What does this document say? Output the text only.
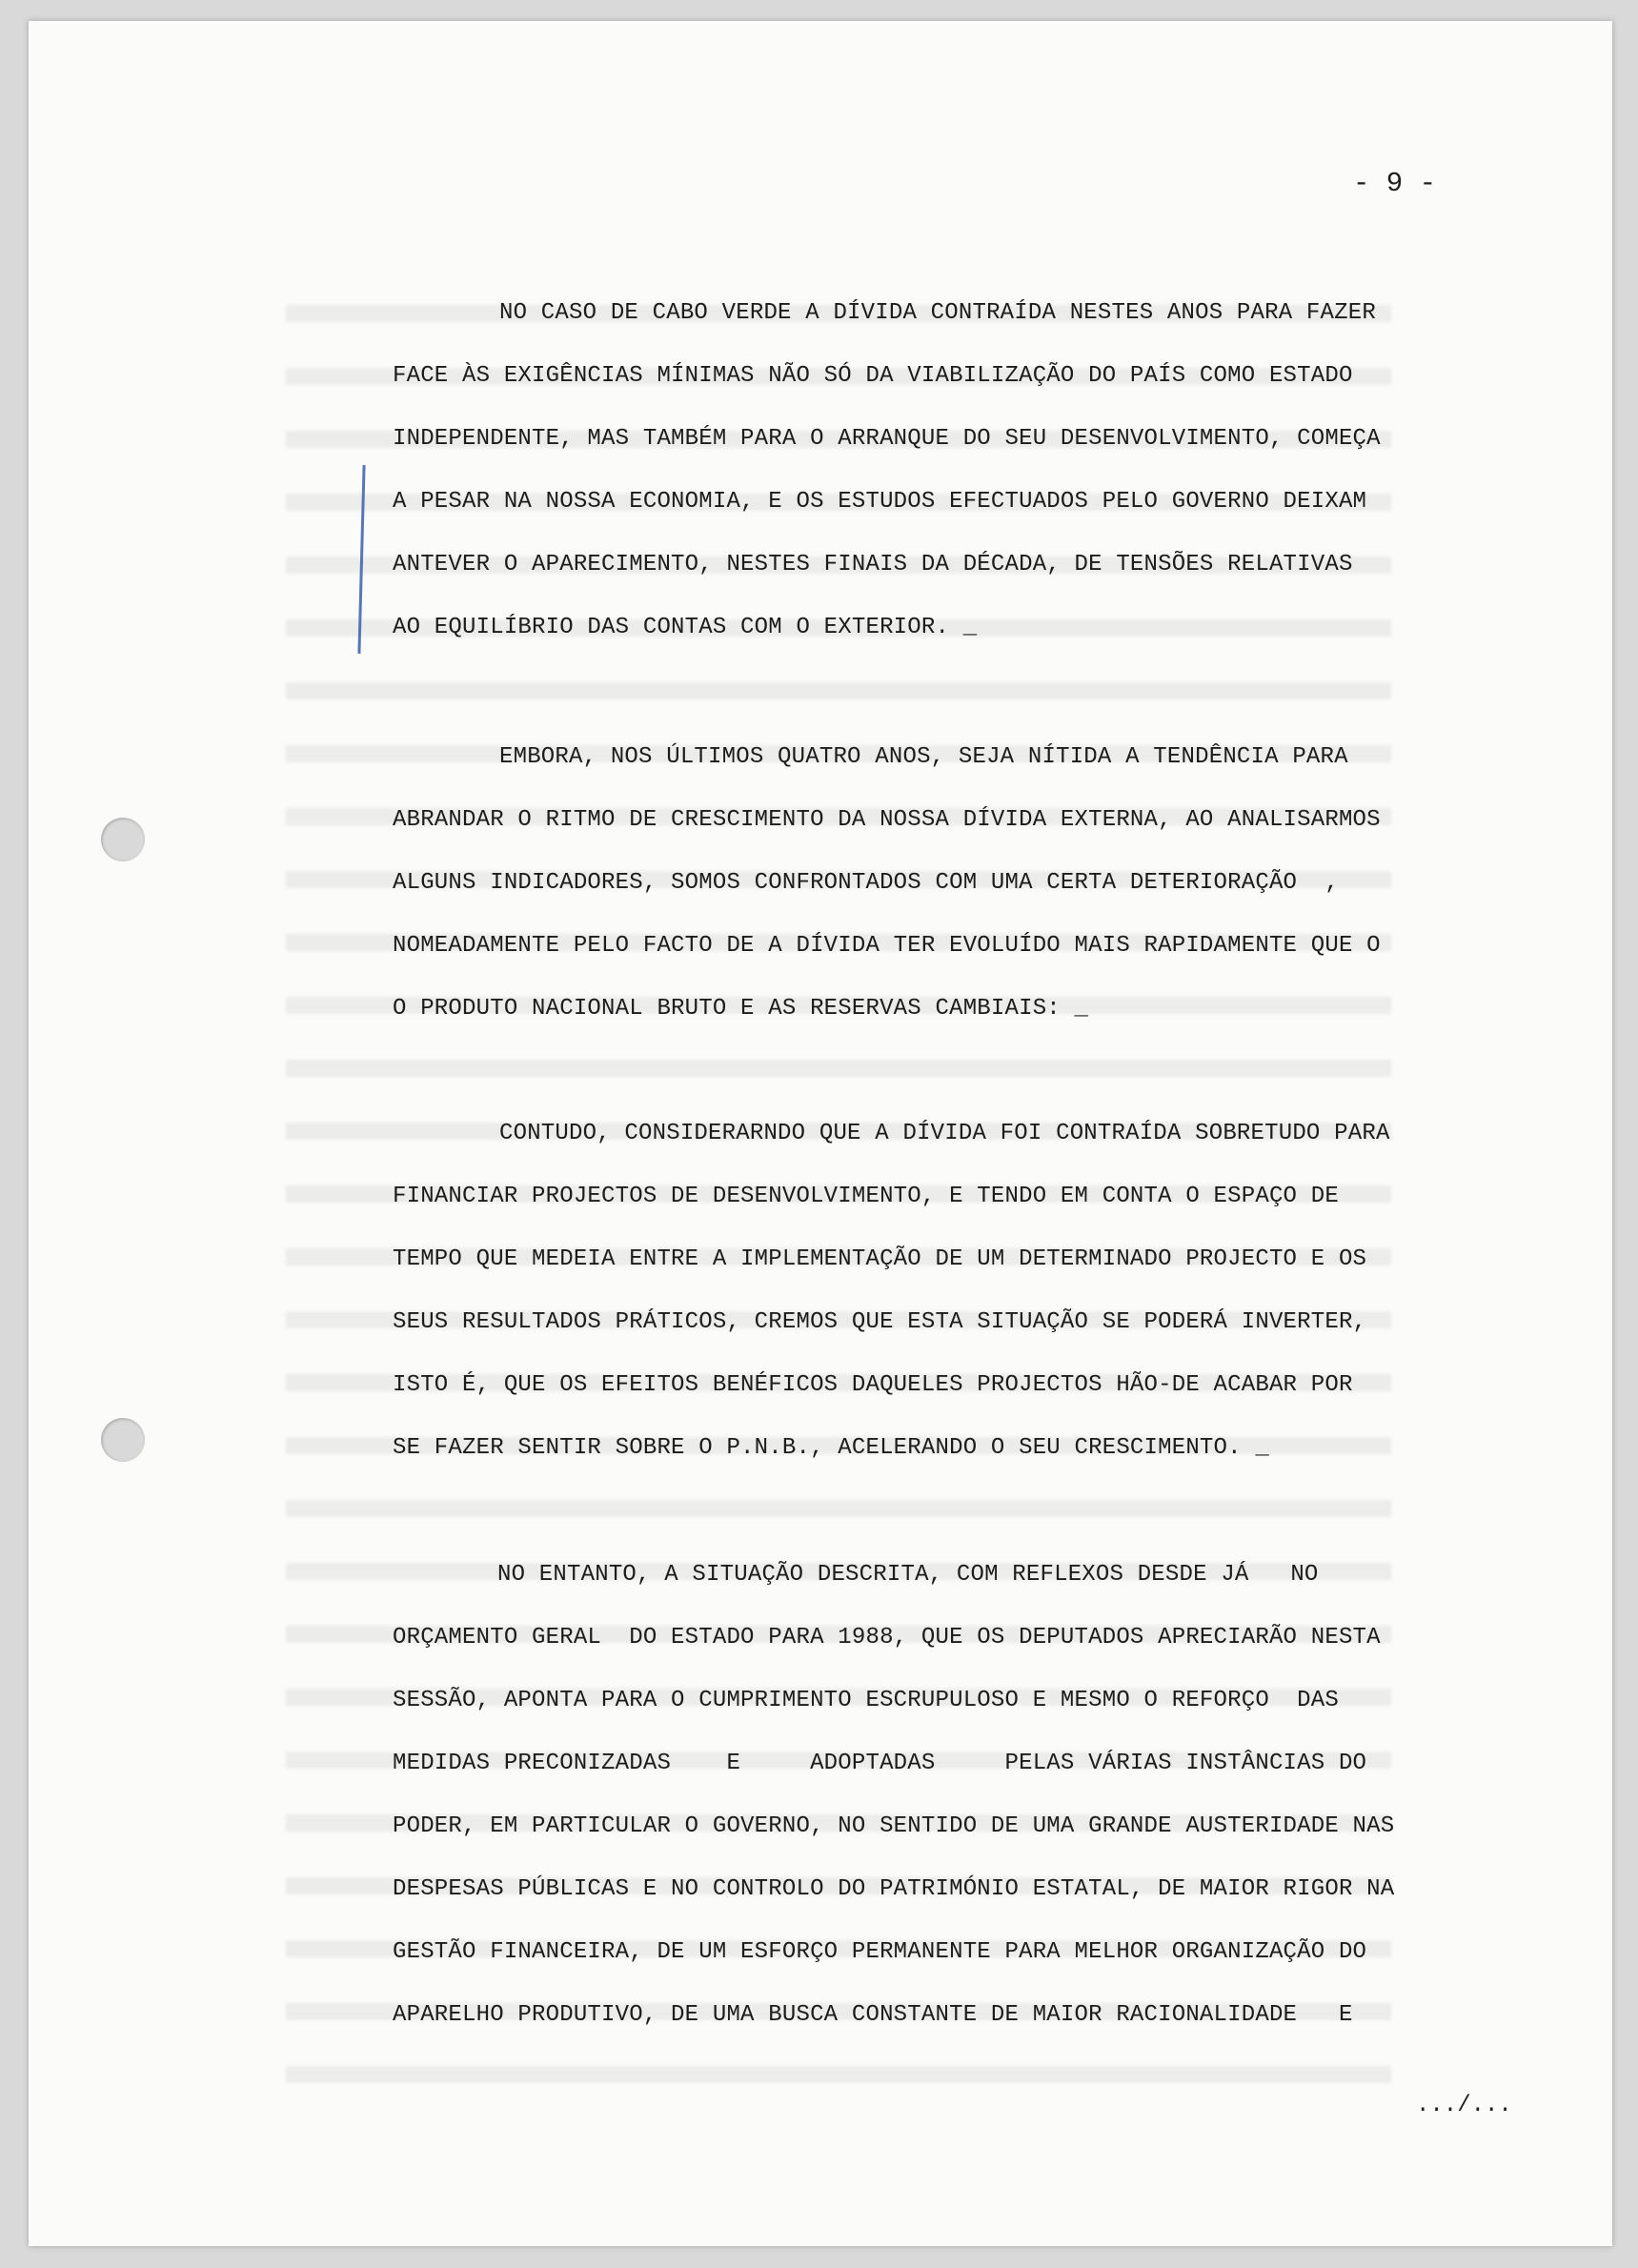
- 9 -
NO CASO DE CABO VERDE A DÍVIDA CONTRAÍDA NESTES ANOS PARA FAZER
FACE ÀS EXIGÊNCIAS MÍNIMAS NÃO SÓ DA VIABILIZAÇÃO DO PAÍS COMO ESTADO
INDEPENDENTE, MAS TAMBÉM PARA O ARRANQUE DO SEU DESENVOLVIMENTO, COMEÇA
A PESAR NA NOSSA ECONOMIA, E OS ESTUDOS EFECTUADOS PELO GOVERNO DEIXAM
ANTEVER O APARECIMENTO, NESTES FINAIS DA DÉCADA, DE TENSÕES RELATIVAS
AO EQUILÍBRIO DAS CONTAS COM O EXTERIOR. _
EMBORA, NOS ÚLTIMOS QUATRO ANOS, SEJA NÍTIDA A TENDÊNCIA PARA
ABRANDAR O RITMO DE CRESCIMENTO DA NOSSA DÍVIDA EXTERNA, AO ANALISARMOS
ALGUNS INDICADORES, SOMOS CONFRONTADOS COM UMA CERTA DETERIORAÇÃO  ,
NOMEADAMENTE PELO FACTO DE A DÍVIDA TER EVOLUÍDO MAIS RAPIDAMENTE QUE O
O PRODUTO NACIONAL BRUTO E AS RESERVAS CAMBIAIS: _
CONTUDO, CONSIDERARNDO QUE A DÍVIDA FOI CONTRAÍDA SOBRETUDO PARA
FINANCIAR PROJECTOS DE DESENVOLVIMENTO, E TENDO EM CONTA O ESPAÇO DE
TEMPO QUE MEDEIA ENTRE A IMPLEMENTAÇÃO DE UM DETERMINADO PROJECTO E OS
SEUS RESULTADOS PRÁTICOS, CREMOS QUE ESTA SITUAÇÃO SE PODERÁ INVERTER,
ISTO É, QUE OS EFEITOS BENÉFICOS DAQUELES PROJECTOS HÃO-DE ACABAR POR
SE FAZER SENTIR SOBRE O P.N.B., ACELERANDO O SEU CRESCIMENTO. _
NO ENTANTO, A SITUAÇÃO DESCRITA, COM REFLEXOS DESDE JÁ   NO
ORÇAMENTO GERAL  DO ESTADO PARA 1988, QUE OS DEPUTADOS APRECIARÃO NESTA
SESSÃO, APONTA PARA O CUMPRIMENTO ESCRUPULOSO E MESMO O REFORÇO  DAS
MEDIDAS PRECONIZADAS    E     ADOPTADAS     PELAS VÁRIAS INSTÂNCIAS DO
PODER, EM PARTICULAR O GOVERNO, NO SENTIDO DE UMA GRANDE AUSTERIDADE NAS
DESPESAS PÚBLICAS E NO CONTROLO DO PATRIMÓNIO ESTATAL, DE MAIOR RIGOR NA
GESTÃO FINANCEIRA, DE UM ESFORÇO PERMANENTE PARA MELHOR ORGANIZAÇÃO DO
APARELHO PRODUTIVO, DE UMA BUSCA CONSTANTE DE MAIOR RACIONALIDADE   E
.../...
